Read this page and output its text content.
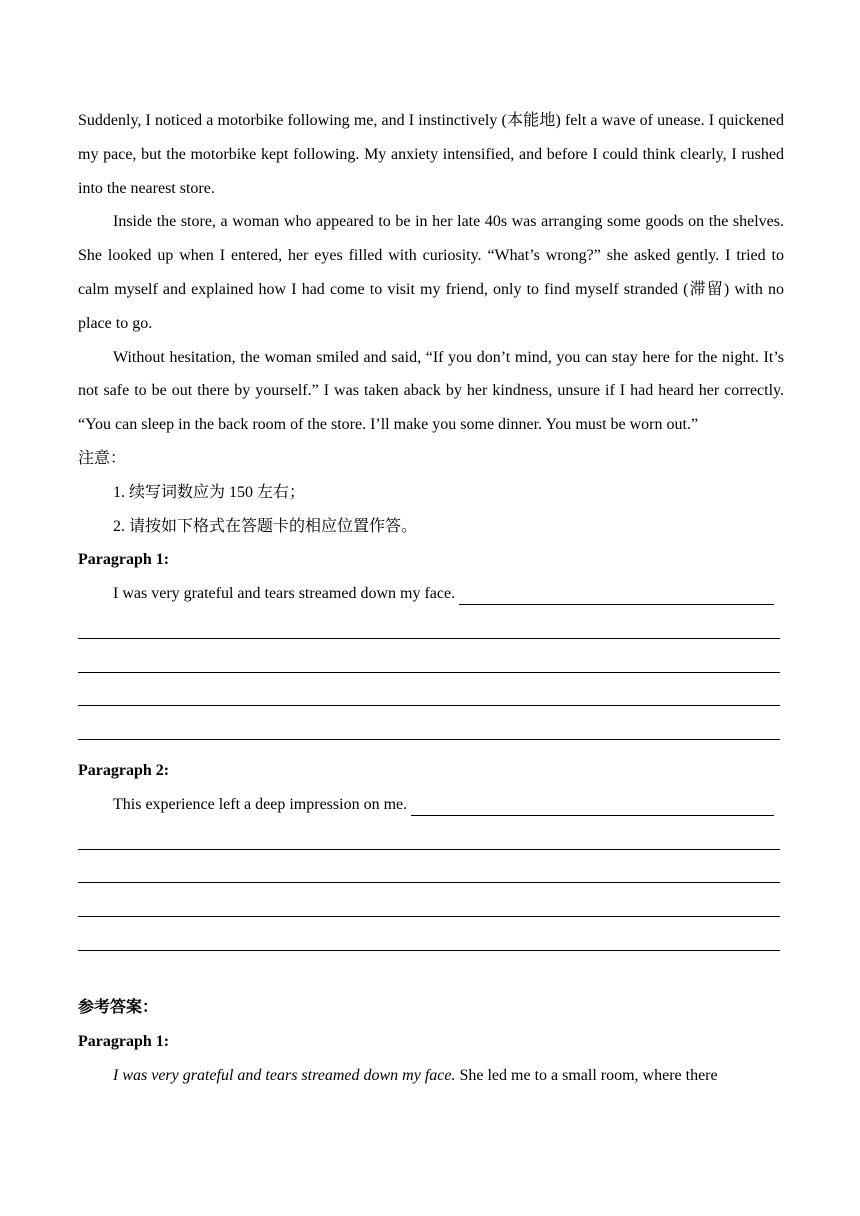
Suddenly, I noticed a motorbike following me, and I instinctively (本能地) felt a wave of unease. I quickened my pace, but the motorbike kept following. My anxiety intensified, and before I could think clearly, I rushed into the nearest store.

Inside the store, a woman who appeared to be in her late 40s was arranging some goods on the shelves. She looked up when I entered, her eyes filled with curiosity. “What’s wrong?” she asked gently. I tried to calm myself and explained how I had come to visit my friend, only to find myself stranded (滞留) with no place to go.

Without hesitation, the woman smiled and said, “If you don’t mind, you can stay here for the night. It’s not safe to be out there by yourself.” I was taken aback by her kindness, unsure if I had heard her correctly. “You can sleep in the back room of the store. I’ll make you some dinner. You must be worn out.”

注意：

1. 续写词数应为 150 左右；

2. 请按如下格式在答题卡的相应位置作答。

Paragraph 1:

I was very grateful and tears streamed down my face.

Paragraph 2:

This experience left a deep impression on me.

参考答案：

Paragraph 1:

I was very grateful and tears streamed down my face. She led me to a small room, where there
